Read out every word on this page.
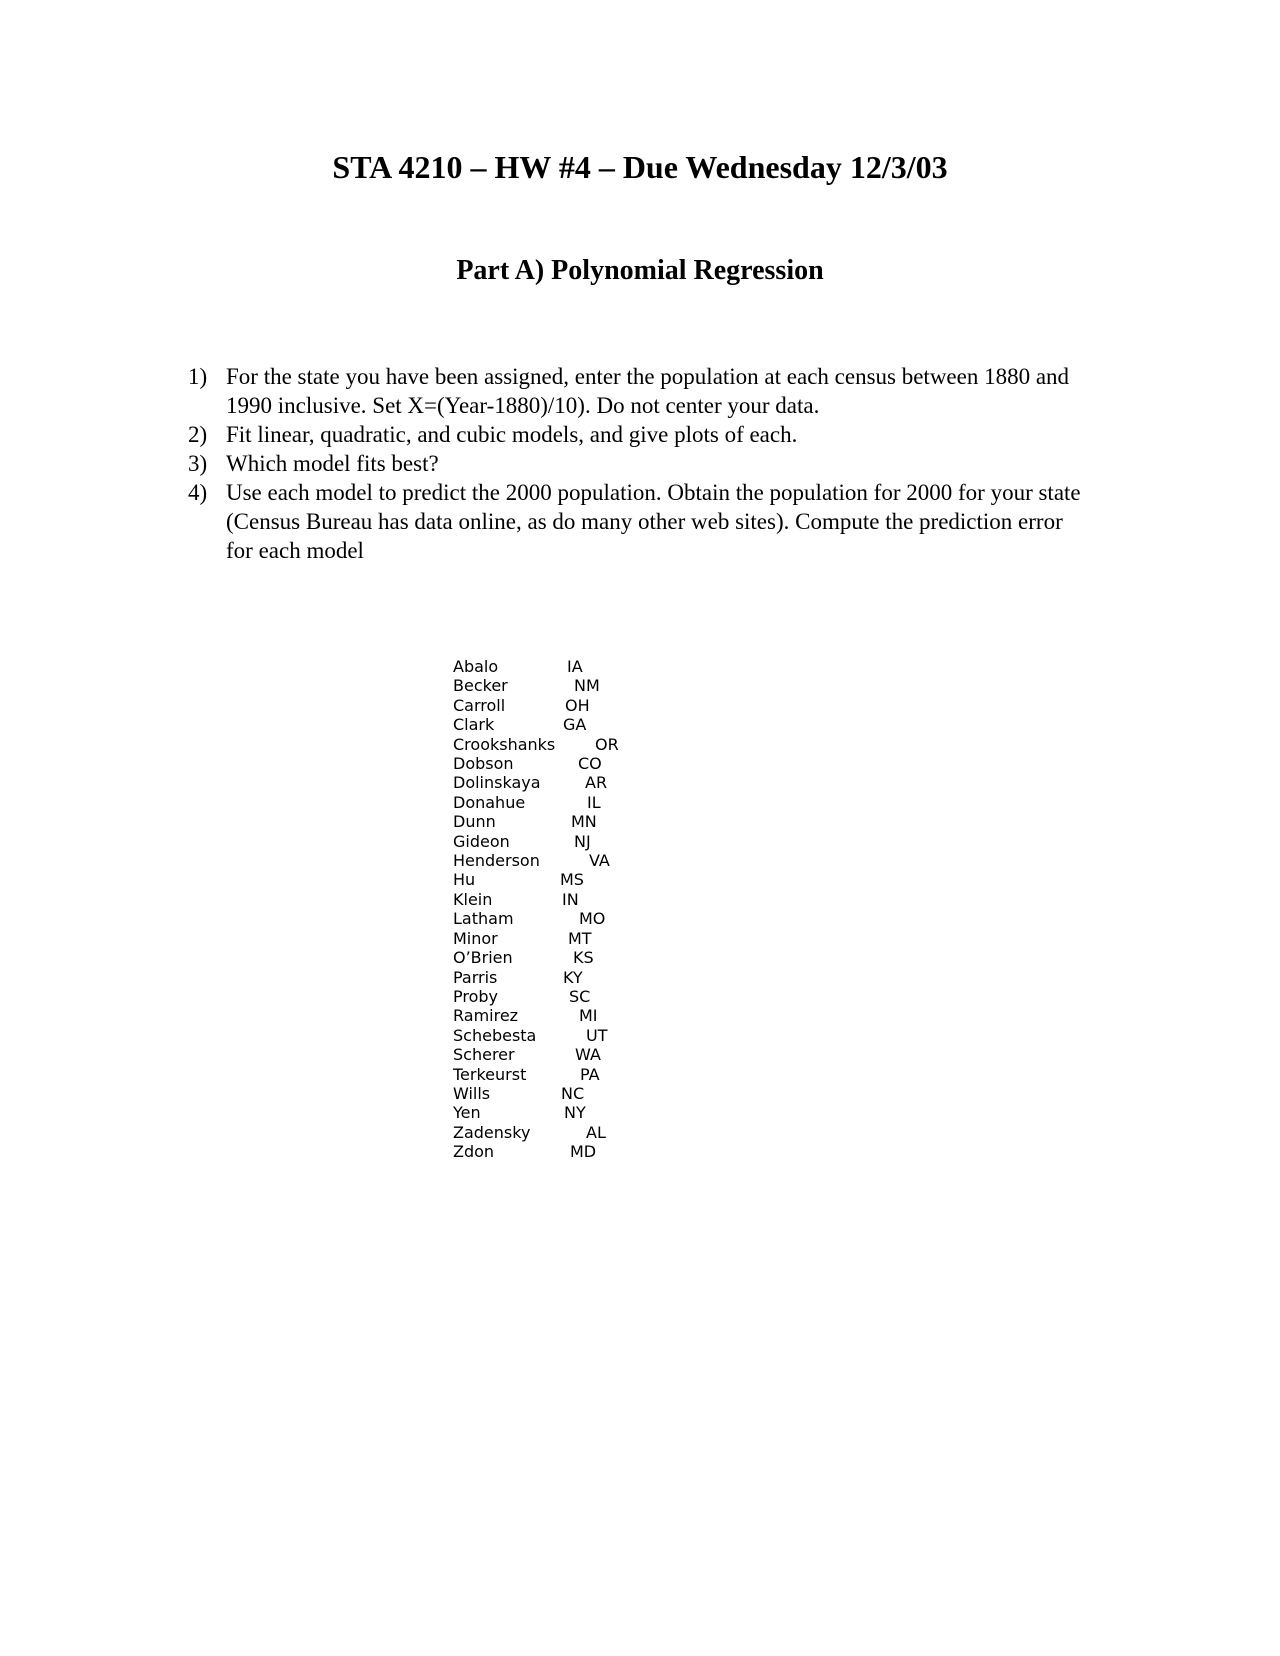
STA 4210 – HW #4 – Due Wednesday 12/3/03
Part A) Polynomial Regression
1) For the state you have been assigned, enter the population at each census between 1880 and 1990 inclusive. Set X=(Year-1880)/10). Do not center your data.
2) Fit linear, quadratic, and cubic models, and give plots of each.
3) Which model fits best?
4) Use each model to predict the 2000 population. Obtain the population for 2000 for your state (Census Bureau has data online, as do many other web sites). Compute the prediction error for each model
Abalo	IA
Becker	NM
Carroll	OH
Clark	GA
Crookshanks	OR
Dobson	CO
Dolinskaya	AR
Donahue	IL
Dunn	MN
Gideon	NJ
Henderson	VA
Hu	MS
Klein	IN
Latham	MO
Minor	MT
O’Brien	KS
Parris	KY
Proby	SC
Ramirez	MI
Schebesta	UT
Scherer	WA
Terkeurst	PA
Wills	NC
Yen	NY
Zadensky	AL
Zdon	MD
